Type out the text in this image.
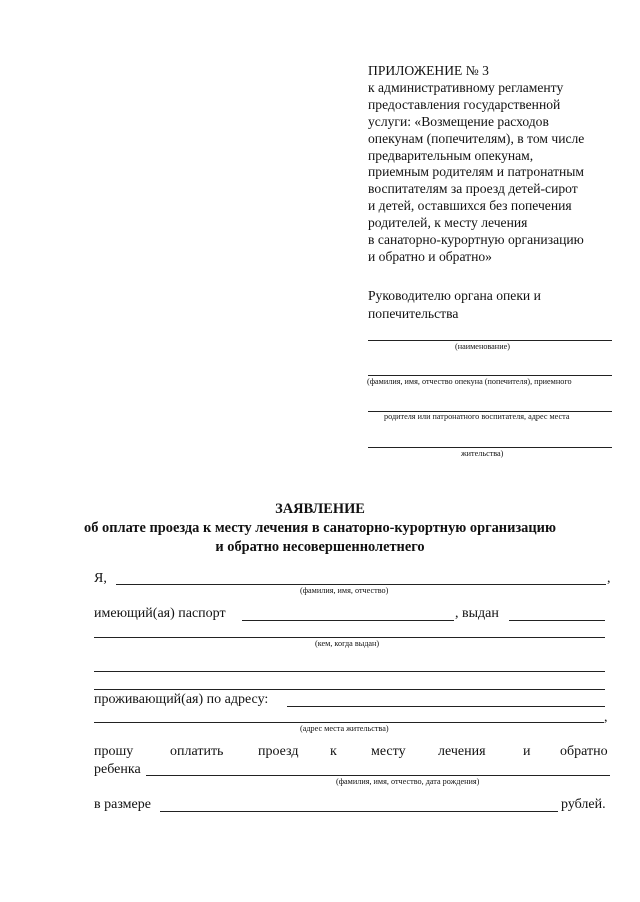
ПРИЛОЖЕНИЕ № 3
к административному регламенту
предоставления государственной
услуги: «Возмещение расходов
опекунам (попечителям), в том числе
предварительным опекунам,
приемным родителям и патронатным
воспитателям за проезд детей-сирот
и детей, оставшихся без попечения
родителей, к месту лечения
в санаторно-курортную организацию
и обратно и обратно»
Руководителю органа опеки и
попечительства
(наименование)
(фамилия, имя, отчество опекуна (попечителя), приемного
родителя или патронатного воспитателя, адрес места
жительства)
ЗАЯВЛЕНИЕ
об оплате проезда к месту лечения в санаторно-курортную организацию
и обратно несовершеннолетнего
Я,	,
(фамилия, имя, отчество)
имеющий(ая) паспорт	, выдан
(кем, когда выдан)
проживающий(ая) по адресу:
,
(адрес места жительства)
прошу	оплатить проезд к месту лечения	и обратно
ребенка
(фамилия, имя, отчество, дата рождения)
в размере	рублей.
